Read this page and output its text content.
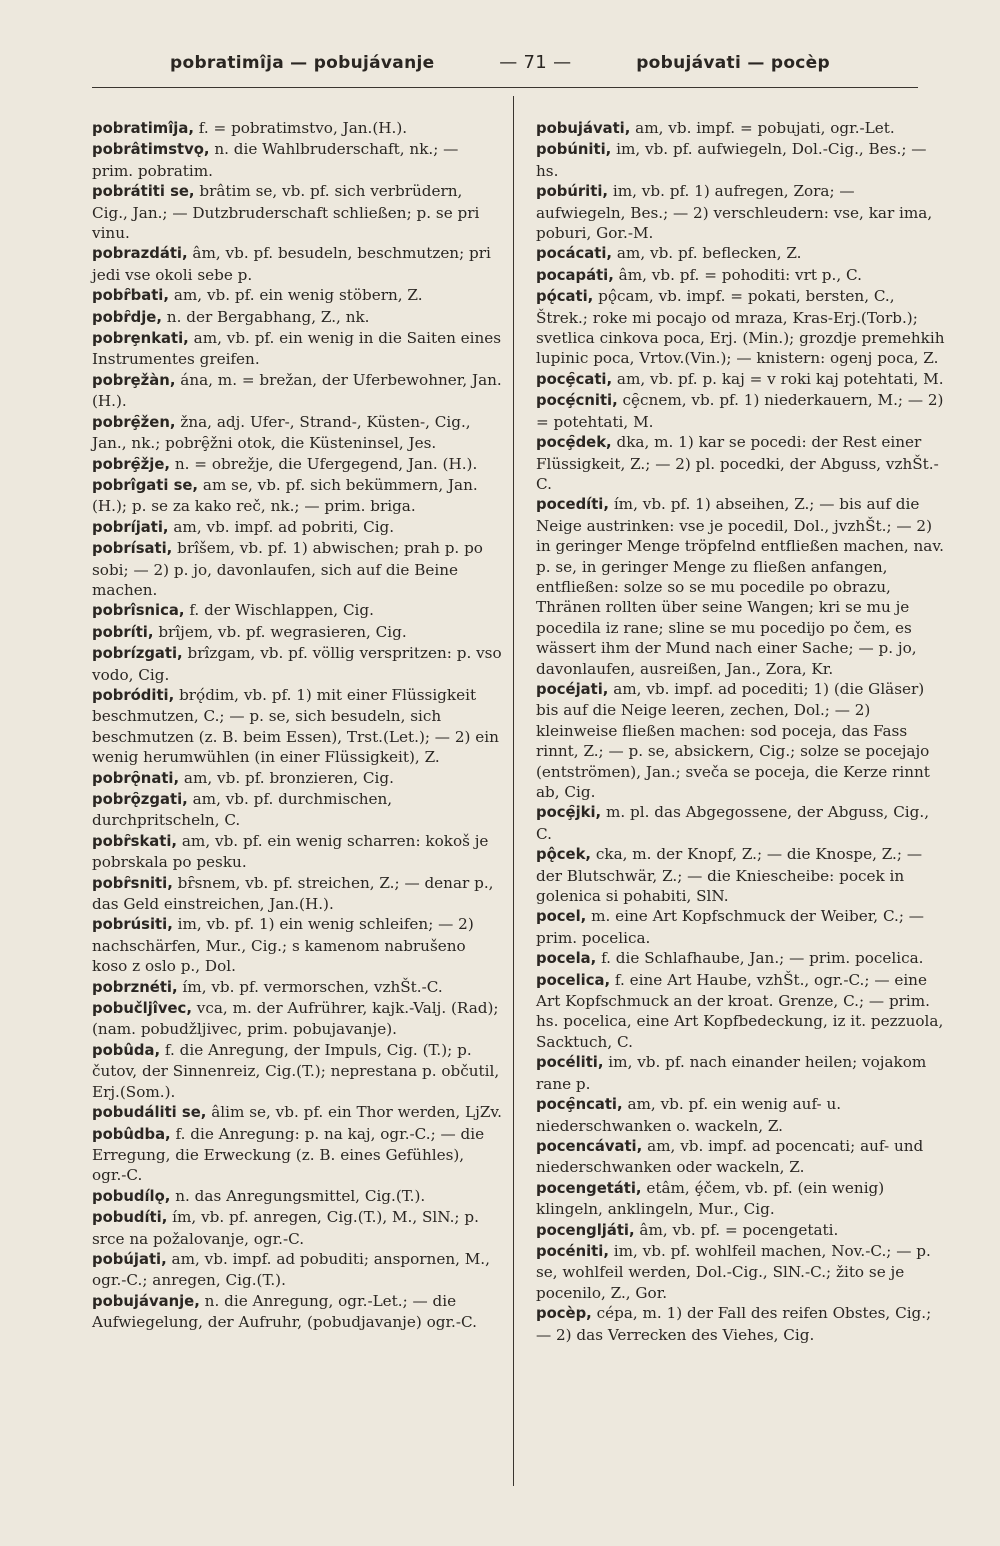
pobratimîja — pobujávanje	— 71 —	pobujávati — pocèp

pobratimîja, f. = pobratimstvo, Jan.(H.).

pobrâtimstvǫ, n. die Wahlbruderschaft, nk.; — prim. pobratim.

pobrátiti se, brâtim se, vb. pf. sich verbrüdern, Cig., Jan.; — Dutzbruderschaft schließen; p. se pri vinu.

pobrazdáti, âm, vb. pf. besudeln, beschmutzen; pri jedi vse okoli sebe p.

pobȓbati, am, vb. pf. ein wenig stöbern, Z.

pobȓdje, n. der Bergabhang, Z., nk.

pobrȩnkati, am, vb. pf. ein wenig in die Saiten eines Instrumentes greifen.

pobrȩžàn, ána, m. = brežan, der Uferbewohner, Jan.(H.).

pobrȩ̑žen, žna, adj. Ufer-, Strand-, Küsten-, Cig., Jan., nk.; pobrȩ̑žni otok, die Küsteninsel, Jes.

pobrȩ̑žje, n. = obrežje, die Ufergegend, Jan. (H.).

pobrîgati se, am se, vb. pf. sich bekümmern, Jan.(H.); p. se za kako reč, nk.; — prim. briga.

pobríjati, am, vb. impf. ad pobriti, Cig.

pobrísati, brîšem, vb. pf. 1) abwischen; prah p. po sobi; — 2) p. jo, davonlaufen, sich auf die Beine machen.

pobrîsnica, f. der Wischlappen, Cig.

pobríti, brîjem, vb. pf. wegrasieren, Cig.

pobrízgati, brîzgam, vb. pf. völlig verspritzen: p. vso vodo, Cig.

pobróditi, brǫ́dim, vb. pf. 1) mit einer Flüssigkeit beschmutzen, C.; — p. se, sich besudeln, sich beschmutzen (z. B. beim Essen), Trst.(Let.); — 2) ein wenig herumwühlen (in einer Flüssigkeit), Z.

pobrǫ̑nati, am, vb. pf. bronzieren, Cig.

pobrǫ̑zgati, am, vb. pf. durchmischen, durchpritscheln, C.

pobȓskati, am, vb. pf. ein wenig scharren: kokoš je pobrskala po pesku.

pobȓsniti, bȓsnem, vb. pf. streichen, Z.; — denar p., das Geld einstreichen, Jan.(H.).

pobrúsiti, im, vb. pf. 1) ein wenig schleifen; — 2) nachschärfen, Mur., Cig.; s kamenom nabrušeno koso z oslo p., Dol.

pobrznéti, ím, vb. pf. vermorschen, vzhŠt.-C.

pobučljîvec, vca, m. der Aufrührer, kajk.-Valj. (Rad); (nam. pobudžljivec, prim. pobujavanje).

pobûda, f. die Anregung, der Impuls, Cig. (T.); p. čutov, der Sinnenreiz, Cig.(T.); neprestana p. občutil, Erj.(Som.).

pobudáliti se, âlim se, vb. pf. ein Thor werden, LjZv.

pobûdba, f. die Anregung: p. na kaj, ogr.-C.; — die Erregung, die Erweckung (z. B. eines Gefühles), ogr.-C.

pobudílǫ, n. das Anregungsmittel, Cig.(T.).

pobudíti, ím, vb. pf. anregen, Cig.(T.), M., SlN.; p. srce na požalovanje, ogr.-C.

pobújati, am, vb. impf. ad pobuditi; anspornen, M., ogr.-C.; anregen, Cig.(T.).

pobujávanje, n. die Anregung, ogr.-Let.; — die Aufwiegelung, der Aufruhr, (pobudjavanje) ogr.-C.

pobujávati, am, vb. impf. = pobujati, ogr.-Let.

pobúniti, im, vb. pf. aufwiegeln, Dol.-Cig., Bes.; — hs.

pobúriti, im, vb. pf. 1) aufregen, Zora; — aufwiegeln, Bes.; — 2) verschleudern: vse, kar ima, poburi, Gor.-M.

pocácati, am, vb. pf. beflecken, Z.

pocapáti, âm, vb. pf. = pohoditi: vrt p., C.

pǫ́cati, pǫ̂cam, vb. impf. = pokati, bersten, C., Štrek.; roke mi pocajo od mraza, Kras-Erj.(Torb.); svetlica cinkova poca, Erj. (Min.); grozdje premehkih lupinic poca, Vrtov.(Vin.); — knistern: ogenj poca, Z.

pocȩ̑cati, am, vb. pf. p. kaj = v roki kaj potehtati, M.

pocȩ́cniti, cȩ̑cnem, vb. pf. 1) niederkauern, M.; — 2) = potehtati, M.

pocȩ̑dek, dka, m. 1) kar se pocedi: der Rest einer Flüssigkeit, Z.; — 2) pl. pocedki, der Abguss, vzhŠt.-C.

pocedíti, ím, vb. pf. 1) abseihen, Z.; — bis auf die Neige austrinken: vse je pocedil, Dol., jvzhŠt.; — 2) in geringer Menge tröpfelnd entfließen machen, nav. p. se, in geringer Menge zu fließen anfangen, entfließen: solze so se mu pocedile po obrazu, Thränen rollten über seine Wangen; kri se mu je pocedila iz rane; sline se mu pocedijo po čem, es wässert ihm der Mund nach einer Sache; — p. jo, davonlaufen, ausreißen, Jan., Zora, Kr.

pocéjati, am, vb. impf. ad pocediti; 1) (die Gläser) bis auf die Neige leeren, zechen, Dol.; — 2) kleinweise fließen machen: sod poceja, das Fass rinnt, Z.; — p. se, absickern, Cig.; solze se pocejajo (entströmen), Jan.; sveča se poceja, die Kerze rinnt ab, Cig.

pocȩ̑jki, m. pl. das Abgegossene, der Abguss, Cig., C.

pǫ̂cek, cka, m. der Knopf, Z.; — die Knospe, Z.; — der Blutschwär, Z.; — die Kniescheibe: pocek in golenica si pohabiti, SlN.

pocel, m. eine Art Kopfschmuck der Weiber, C.; — prim. pocelica.

pocela, f. die Schlafhaube, Jan.; — prim. pocelica.

pocelica, f. eine Art Haube, vzhŠt., ogr.-C.; — eine Art Kopfschmuck an der kroat. Grenze, C.; — prim. hs. pocelica, eine Art Kopfbedeckung, iz it. pezzuola, Sacktuch, C.

pocéliti, im, vb. pf. nach einander heilen; vojakom rane p.

pocȩ̑ncati, am, vb. pf. ein wenig auf- u. niederschwanken o. wackeln, Z.

pocencávati, am, vb. impf. ad pocencati; auf- und niederschwanken oder wackeln, Z.

pocengetáti, etâm, ȩ́čem, vb. pf. (ein wenig) klingeln, anklingeln, Mur., Cig.

pocengljáti, âm, vb. pf. = pocengetati.

pocéniti, im, vb. pf. wohlfeil machen, Nov.-C.; — p. se, wohlfeil werden, Dol.-Cig., SlN.-C.; žito se je pocenilo, Z., Gor.

pocèp, cépa, m. 1) der Fall des reifen Obstes, Cig.; — 2) das Verrecken des Viehes, Cig.
